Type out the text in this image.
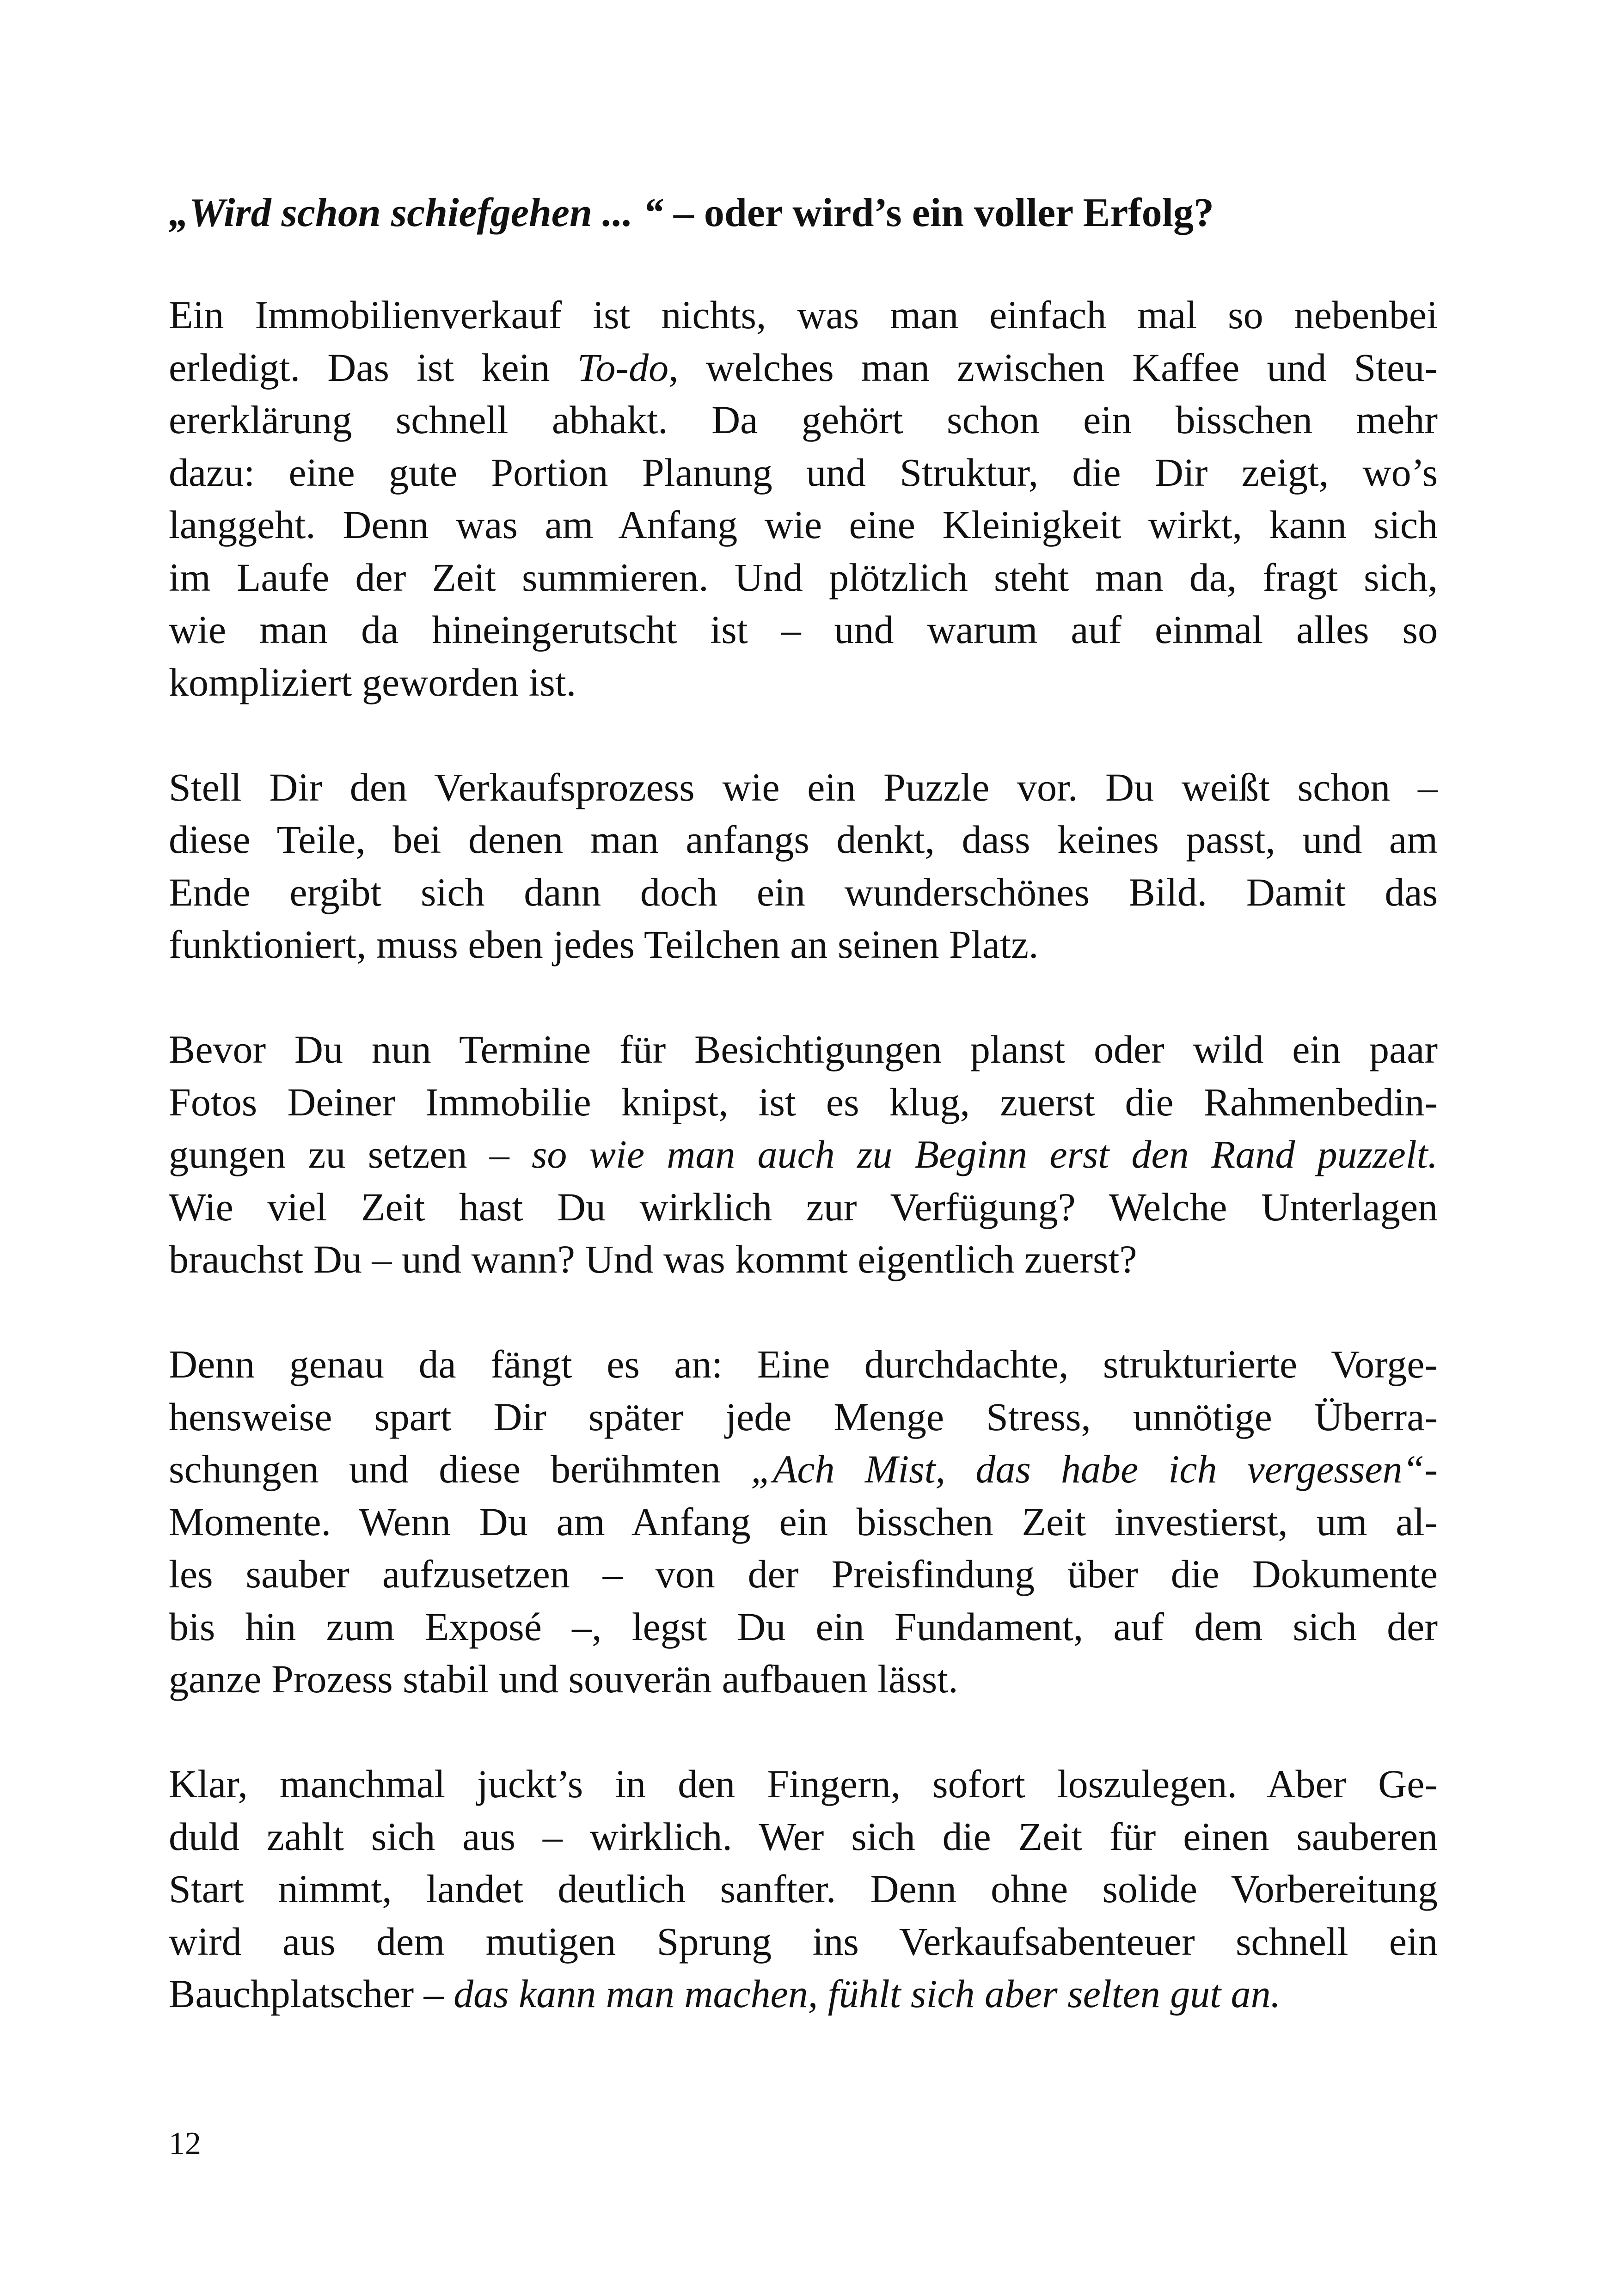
„Wird schon schiefgehen ... “ – oder wird’s ein voller Erfolg?

Ein Immobilienverkauf ist nichts, was man einfach mal so nebenbei
erledigt. Das ist kein To-do, welches man zwischen Kaffee und Steu-
ererklärung schnell abhakt. Da gehört schon ein bisschen mehr
dazu: eine gute Portion Planung und Struktur, die Dir zeigt, wo’s
langgeht. Denn was am Anfang wie eine Kleinigkeit wirkt, kann sich
im Laufe der Zeit summieren. Und plötzlich steht man da, fragt sich,
wie man da hineingerutscht ist – und warum auf einmal alles so
kompliziert geworden ist.

Stell Dir den Verkaufsprozess wie ein Puzzle vor. Du weißt schon –
diese Teile, bei denen man anfangs denkt, dass keines passt, und am
Ende ergibt sich dann doch ein wunderschönes Bild. Damit das
funktioniert, muss eben jedes Teilchen an seinen Platz.

Bevor Du nun Termine für Besichtigungen planst oder wild ein paar
Fotos Deiner Immobilie knipst, ist es klug, zuerst die Rahmenbedin-
gungen zu setzen – so wie man auch zu Beginn erst den Rand puzzelt.
Wie viel Zeit hast Du wirklich zur Verfügung? Welche Unterlagen
brauchst Du – und wann? Und was kommt eigentlich zuerst?

Denn genau da fängt es an: Eine durchdachte, strukturierte Vorge-
hensweise spart Dir später jede Menge Stress, unnötige Überra-
schungen und diese berühmten „Ach Mist, das habe ich vergessen“-
Momente. Wenn Du am Anfang ein bisschen Zeit investierst, um al-
les sauber aufzusetzen – von der Preisfindung über die Dokumente
bis hin zum Exposé –, legst Du ein Fundament, auf dem sich der
ganze Prozess stabil und souverän aufbauen lässt.

Klar, manchmal juckt’s in den Fingern, sofort loszulegen. Aber Ge-
duld zahlt sich aus – wirklich. Wer sich die Zeit für einen sauberen
Start nimmt, landet deutlich sanfter. Denn ohne solide Vorbereitung
wird aus dem mutigen Sprung ins Verkaufsabenteuer schnell ein
Bauchplatscher – das kann man machen, fühlt sich aber selten gut an.

12
